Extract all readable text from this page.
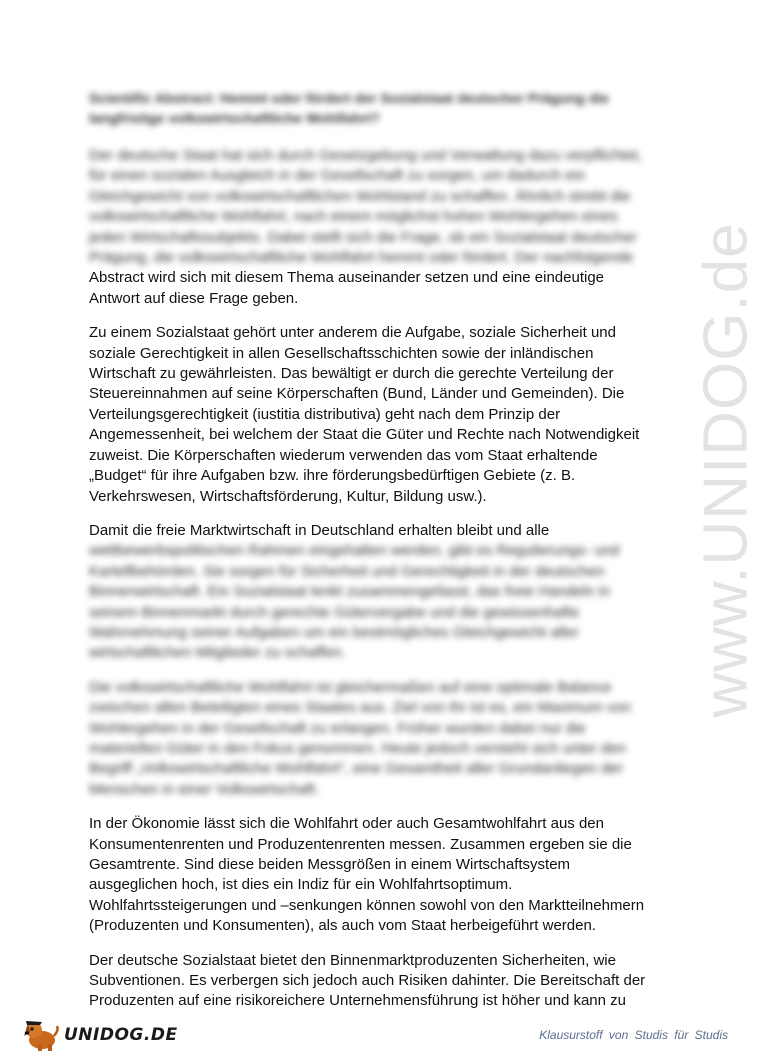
www.UNIDOG.de
Scientific Abstract: Hemmt oder fördert der Sozialstaat deutscher Prägung die
langfristige volkswirtschaftliche Wohlfahrt?

Der deutsche Staat hat sich durch Gesetzgebung und Verwaltung dazu verpflichtet,
für einen sozialen Ausgleich in der Gesellschaft zu sorgen, um dadurch ein
Gleichgewicht von volkswirtschaftlichen Wohlstand zu schaffen. Ähnlich strebt die
volkswirtschaftliche Wohlfahrt, nach einem möglichst hohen Wohlergehen eines
jeden Wirtschaftssubjekts. Dabei stellt sich die Frage, ob ein Sozialstaat deutscher
Prägung, die volkswirtschaftliche Wohlfahrt hemmt oder fördert. Der nachfolgende
Abstract wird sich mit diesem Thema auseinander setzen und eine eindeutige
Antwort auf diese Frage geben.

Zu einem Sozialstaat gehört unter anderem die Aufgabe, soziale Sicherheit und
soziale Gerechtigkeit in allen Gesellschaftsschichten sowie der inländischen
Wirtschaft zu gewährleisten. Das bewältigt er durch die gerechte Verteilung der
Steuereinnahmen auf seine Körperschaften (Bund, Länder und Gemeinden). Die
Verteilungsgerechtigkeit (iustitia distributiva) geht nach dem Prinzip der
Angemessenheit, bei welchem der Staat die Güter und Rechte nach Notwendigkeit
zuweist. Die Körperschaften wiederum verwenden das vom Staat erhaltende
„Budget“ für ihre Aufgaben bzw. ihre förderungsbedürftigen Gebiete (z. B.
Verkehrswesen, Wirtschaftsförderung, Kultur, Bildung usw.).

Damit die freie Marktwirtschaft in Deutschland erhalten bleibt und alle
wettbewerbspolitischen Rahmen eingehalten werden, gibt es Regulierungs- und
Kartellbehörden. Sie sorgen für Sicherheit und Gerechtigkeit in der deutschen
Binnenwirtschaft. Ein Sozialstaat lenkt zusammengefasst, das freie Handeln in
seinem Binnenmarkt durch gerechte Gütervergabe und die gewissenhafte
Wahrnehmung seiner Aufgaben um ein bestmögliches Gleichgewicht aller
wirtschaftlichen Mitglieder zu schaffen.

Die volkswirtschaftliche Wohlfahrt ist gleichermaßen auf eine optimale Balance
zwischen allen Beteiligten eines Staates aus. Ziel von ihr ist es, ein Maximum von
Wohlergehen in der Gesellschaft zu erlangen. Früher wurden dabei nur die
materiellen Güter in den Fokus genommen. Heute jedoch versteht sich unter den
Begriff „Volkswirtschaftliche Wohlfahrt“, eine Gesamtheit aller Grundanliegen der
Menschen in einer Volkswirtschaft.

In der Ökonomie lässt sich die Wohlfahrt oder auch Gesamtwohlfahrt aus den
Konsumentenrenten und Produzentenrenten messen. Zusammen ergeben sie die
Gesamtrente. Sind diese beiden Messgrößen in einem Wirtschaftsystem
ausgeglichen hoch, ist dies ein Indiz für ein Wohlfahrtsoptimum.
Wohlfahrtssteigerungen und –senkungen können sowohl von den Marktteilnehmern
(Produzenten und Konsumenten), als auch vom Staat herbeigeführt werden.

Der deutsche Sozialstaat bietet den Binnenmarktproduzenten Sicherheiten, wie
Subventionen. Es verbergen sich jedoch auch Risiken dahinter. Die Bereitschaft der
Produzenten auf eine risikoreichere Unternehmensführung ist höher und kann zu

UNIDOG.DE	Klausurstoff von Studis für Studis
